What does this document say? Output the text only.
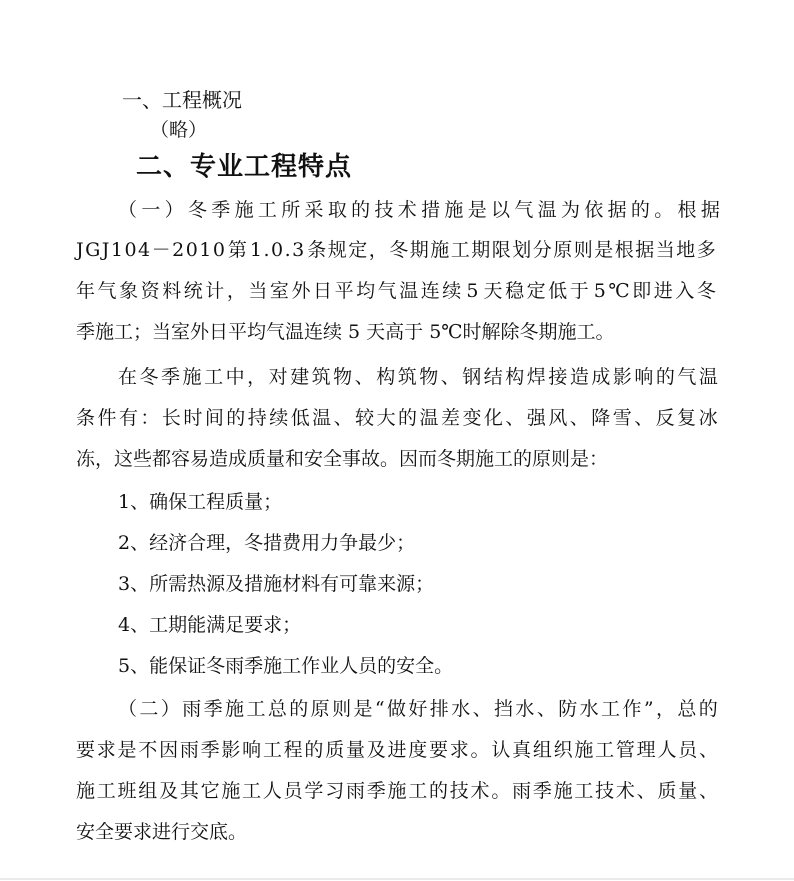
一、工程概况
（略）
二、专业工程特点
（ 一 ） 冬 季 施 工 所 采 取 的 技 术 措 施 是 以 气 温 为 依 据 的 。 根 据
J G J 1 0 4 － 2 0 1 0 第 1 . 0 . 3 条 规 定 ， 冬 期 施 工 期 限 划 分 原 则 是 根 据 当 地 多
年 气 象 资 料 统 计 ， 当 室 外 日 平 均 气 温 连 续 5 天 稳 定 低 于 5 ℃ 即 进 入 冬
季施工；当室外日平均气温连续 5 天高于 5℃时解除冬期施工。
在 冬 季 施 工 中 ， 对 建 筑 物 、 构 筑 物 、 钢 结 构 焊 接 造 成 影 响 的 气 温
条 件 有 ： 长 时 间 的 持 续 低 温 、 较 大 的 温 差 变 化 、 强 风 、 降 雪 、 反 复 冰
冻，这些都容易造成质量和安全事故。因而冬期施工的原则是：
1、确保工程质量；
2、经济合理，冬措费用力争最少；
3、所需热源及措施材料有可靠来源；
4、工期能满足要求；
5、能保证冬雨季施工作业人员的安全。
（ 二 ） 雨 季 施 工 总 的 原 则 是 “ 做 好 排 水 、 挡 水 、 防 水 工 作 ” ， 总 的
要 求 是 不 因 雨 季 影 响 工 程 的 质 量 及 进 度 要 求 。 认 真 组 织 施 工 管 理 人 员 、
施 工 班 组 及 其 它 施 工 人 员 学 习 雨 季 施 工 的 技 术 。 雨 季 施 工 技 术 、 质 量 、
安全要求进行交底。
